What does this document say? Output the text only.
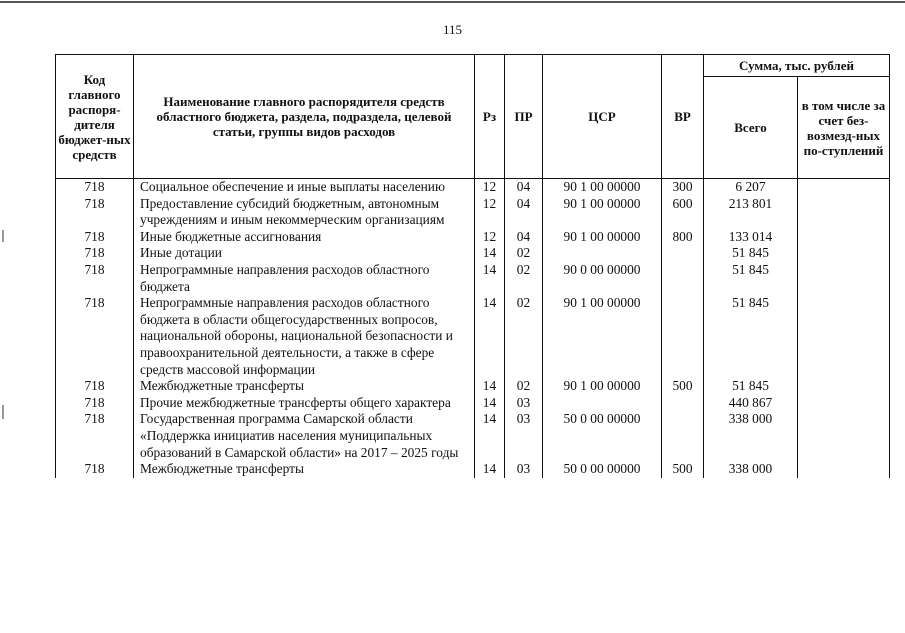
115
Код главного распоря-дителя бюджет-ных средств	Наименование главного распорядителя средств областного бюджета, раздела, подраздела, целевой статьи, группы видов расходов	Рз	ПР	ЦСР	ВР	Сумма, тыс. рублей	
						Всего	в том числе за счет без-возмезд-ных по-ступлений
718	Социальное обеспечение и иные выплаты населению	12	04	90 1 00 00000	300	6 207	
718	Предоставление субсидий бюджетным, автономным учреждениям и иным некоммерческим организациям	12	04	90 1 00 00000	600	213 801	
718	Иные бюджетные ассигнования	12	04	90 1 00 00000	800	133 014	
718	Иные дотации	14	02			51 845	
718	Непрограммные направления расходов областного бюджета	14	02	90 0 00 00000		51 845	
718	Непрограммные направления расходов областного бюджета в области общегосударственных вопросов, национальной обороны, национальной безопасности и правоохранительной деятельности, а также в сфере средств массовой информации	14	02	90 1 00 00000		51 845	
718	Межбюджетные трансферты	14	02	90 1 00 00000	500	51 845	
718	Прочие межбюджетные трансферты общего характера	14	03			440 867	
718	Государственная программа Самарской области «Поддержка инициатив населения муниципальных образований в Самарской области» на 2017 – 2025 годы	14	03	50 0 00 00000		338 000	
718	Межбюджетные трансферты	14	03	50 0 00 00000	500	338 000	
